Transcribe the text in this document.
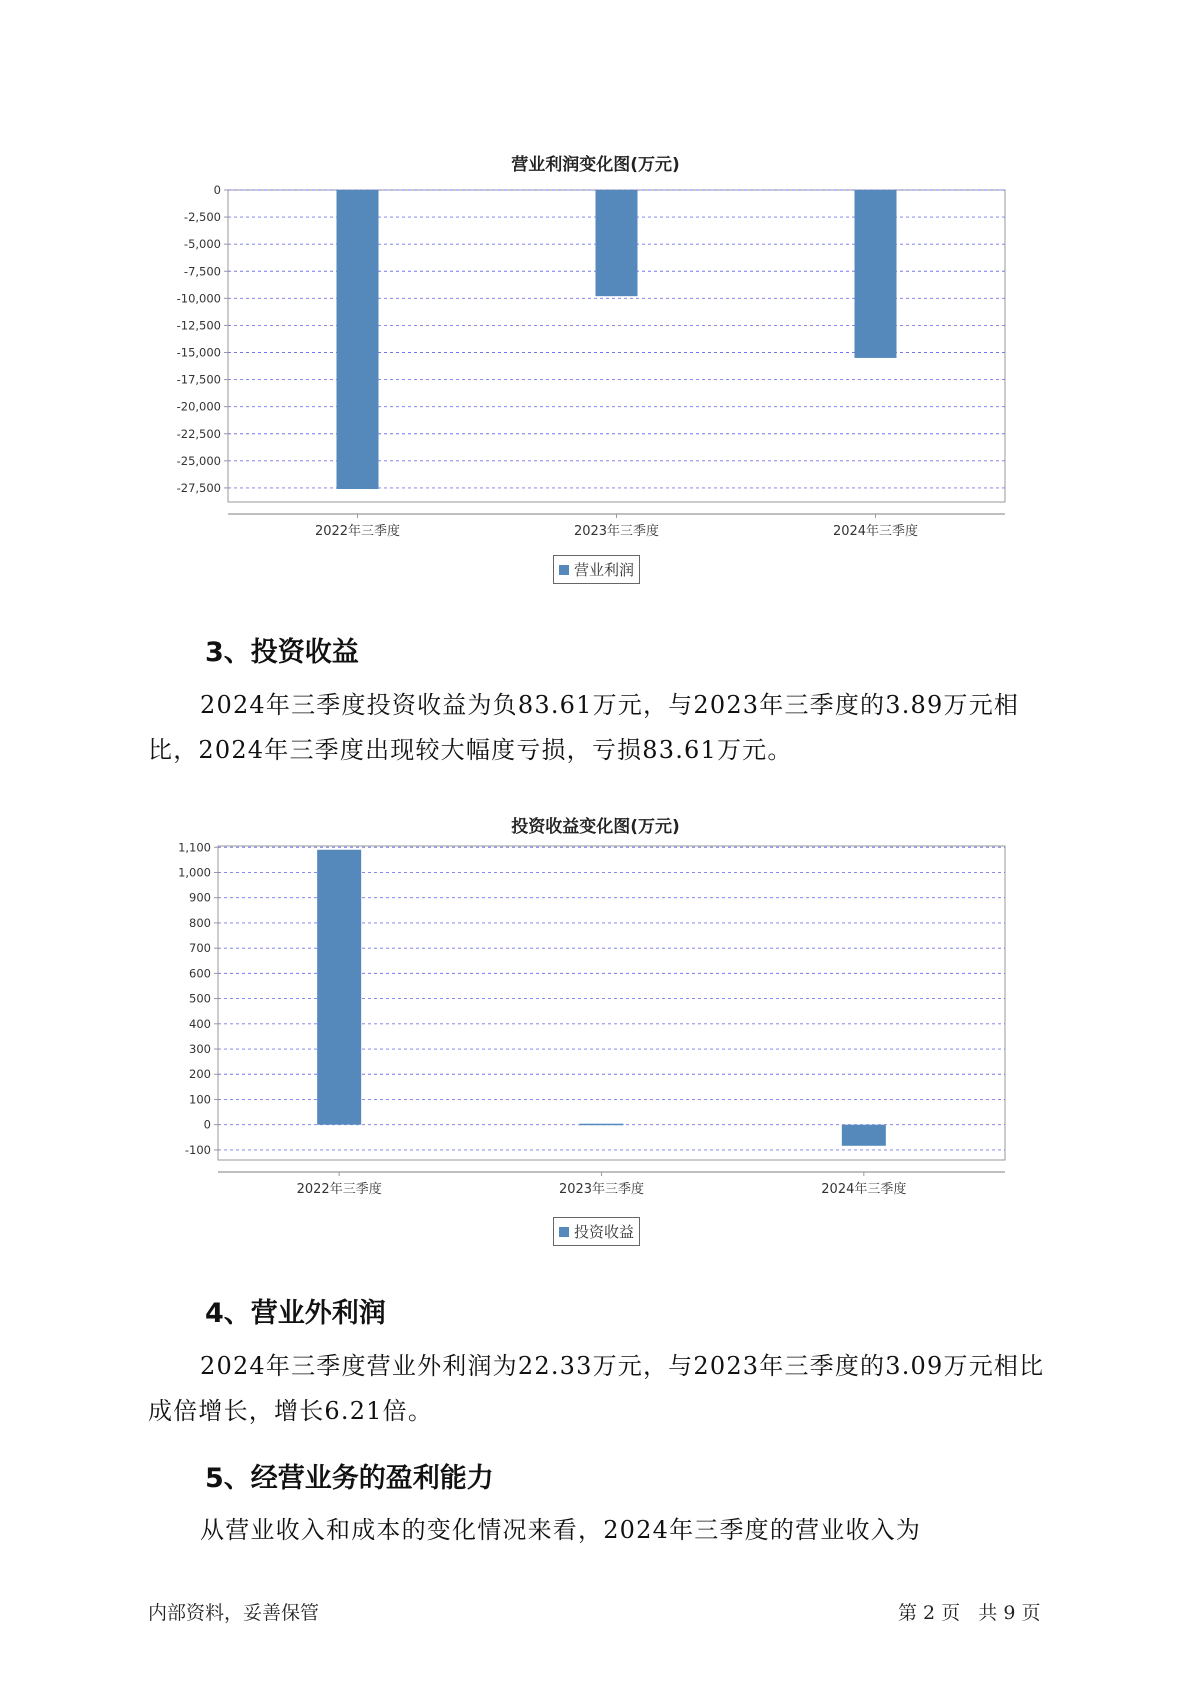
营业利润变化图(万元)
0
-2,500
-5,000
-7,500
-10,000
-12,500
-15,000
-17,500
-20,000
-22,500
-25,000
-27,500
2022年三季度	2023年三季度	2024年三季度
营业利润
3、投资收益
2024年三季度投资收益为负83.61万元，与2023年三季度的3.89万元相比，2024年三季度出现较大幅度亏损，亏损83.61万元。
投资收益变化图(万元)
1,100
1,000
900
800
700
600
500
400
300
200
100
0
-100
2022年三季度	2023年三季度	2024年三季度
投资收益
4、营业外利润
2024年三季度营业外利润为22.33万元，与2023年三季度的3.09万元相比成倍增长，增长6.21倍。
5、经营业务的盈利能力
从营业收入和成本的变化情况来看，2024年三季度的营业收入为
内部资料，妥善保管	第 2 页   共 9 页
